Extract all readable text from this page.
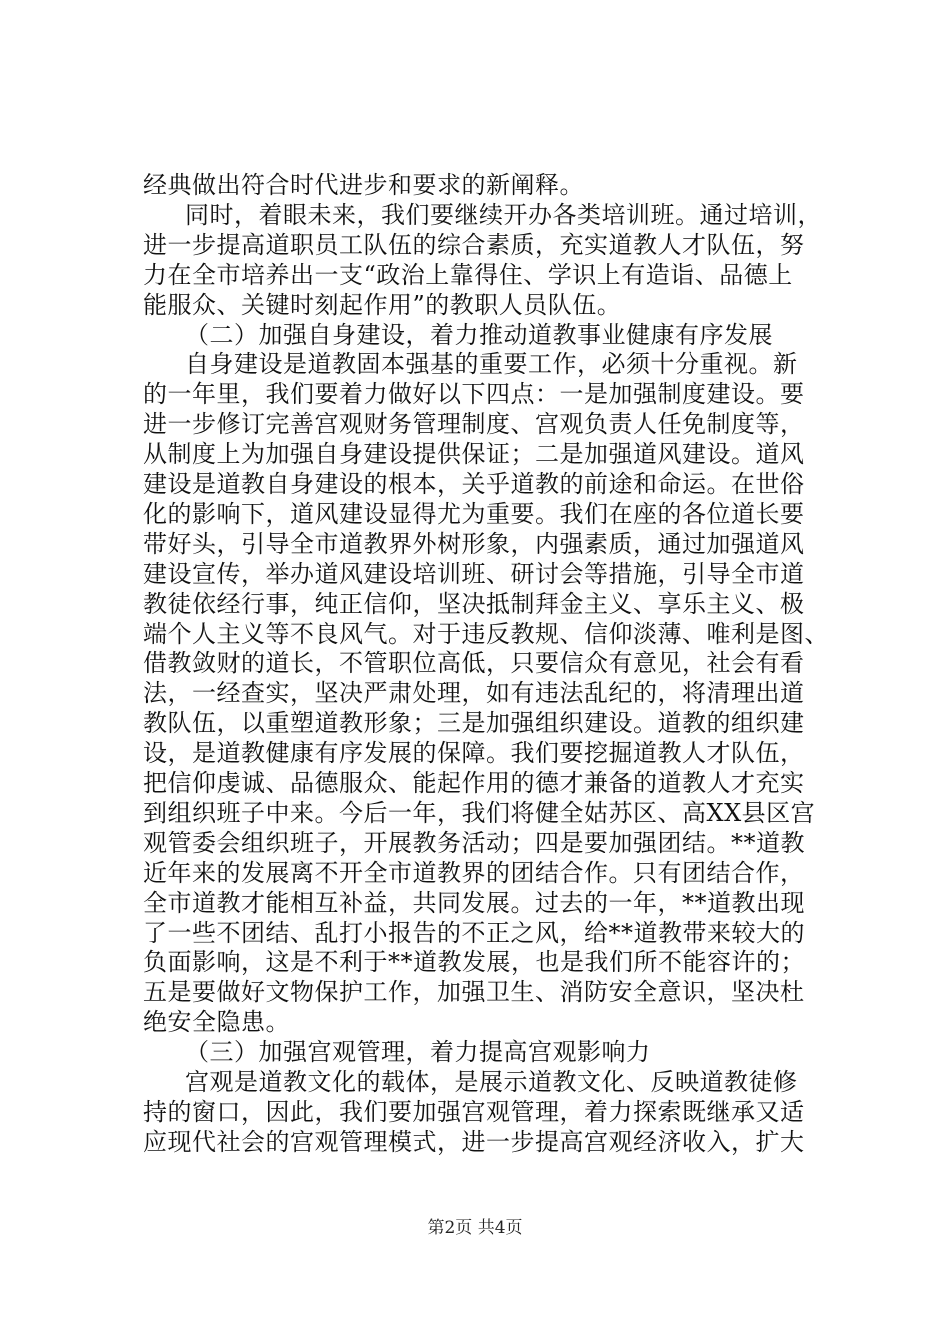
经典做出符合时代进步和要求的新阐释。
同时，着眼未来，我们要继续开办各类培训班。通过培训，
进一步提高道职员工队伍的综合素质，充实道教人才队伍，努
力在全市培养出一支“政治上靠得住、学识上有造诣、品德上
能服众、关键时刻起作用”的教职人员队伍。
（二）加强自身建设，着力推动道教事业健康有序发展
自身建设是道教固本强基的重要工作，必须十分重视。新
的一年里，我们要着力做好以下四点：一是加强制度建设。要
进一步修订完善宫观财务管理制度、宫观负责人任免制度等，
从制度上为加强自身建设提供保证；二是加强道风建设。道风
建设是道教自身建设的根本，关乎道教的前途和命运。在世俗
化的影响下，道风建设显得尤为重要。我们在座的各位道长要
带好头，引导全市道教界外树形象，内强素质，通过加强道风
建设宣传，举办道风建设培训班、研讨会等措施，引导全市道
教徒依经行事，纯正信仰，坚决抵制拜金主义、享乐主义、极
端个人主义等不良风气。对于违反教规、信仰淡薄、唯利是图、
借教敛财的道长，不管职位高低，只要信众有意见，社会有看
法，一经查实，坚决严肃处理，如有违法乱纪的，将清理出道
教队伍，以重塑道教形象；三是加强组织建设。道教的组织建
设，是道教健康有序发展的保障。我们要挖掘道教人才队伍，
把信仰虔诚、品德服众、能起作用的德才兼备的道教人才充实
到组织班子中来。今后一年，我们将健全姑苏区、高XX县区宫
观管委会组织班子，开展教务活动；四是要加强团结。**道教
近年来的发展离不开全市道教界的团结合作。只有团结合作，
全市道教才能相互补益，共同发展。过去的一年，**道教出现
了一些不团结、乱打小报告的不正之风，给**道教带来较大的
负面影响，这是不利于**道教发展，也是我们所不能容许的；
五是要做好文物保护工作，加强卫生、消防安全意识，坚决杜
绝安全隐患。
（三）加强宫观管理，着力提高宫观影响力
宫观是道教文化的载体，是展示道教文化、反映道教徒修
持的窗口，因此，我们要加强宫观管理，着力探索既继承又适
应现代社会的宫观管理模式，进一步提高宫观经济收入，扩大
第2页 共4页
